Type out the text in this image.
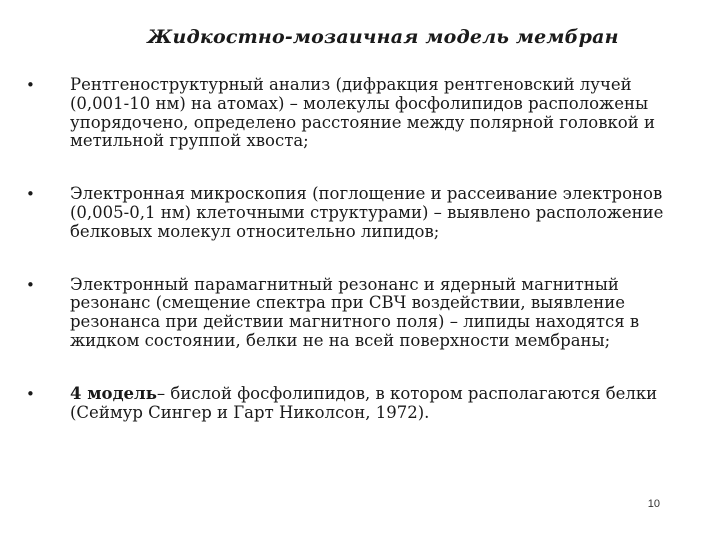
Жидкостно-мозаичная модель мембран
•	Рентгеноструктурный анализ (дифракция рентгеновский лучей (0,001-10 нм) на атомах) – молекулы фосфолипидов расположены упорядочено, определено расстояние между полярной головкой и метильной группой хвоста;
•	Электронная микроскопия (поглощение и рассеивание электронов (0,005-0,1 нм) клеточными структурами) – выявлено расположение белковых молекул относительно липидов;
•	Электронный парамагнитный резонанс и ядерный магнитный резонанс (смещение спектра при СВЧ воздействии, выявление резонанса при действии магнитного поля) – липиды находятся в жидком состоянии, белки не на всей поверхности мембраны;
•	4 модель– бислой фосфолипидов, в котором располагаются белки (Сеймур Сингер и Гарт Николсон, 1972).
10
